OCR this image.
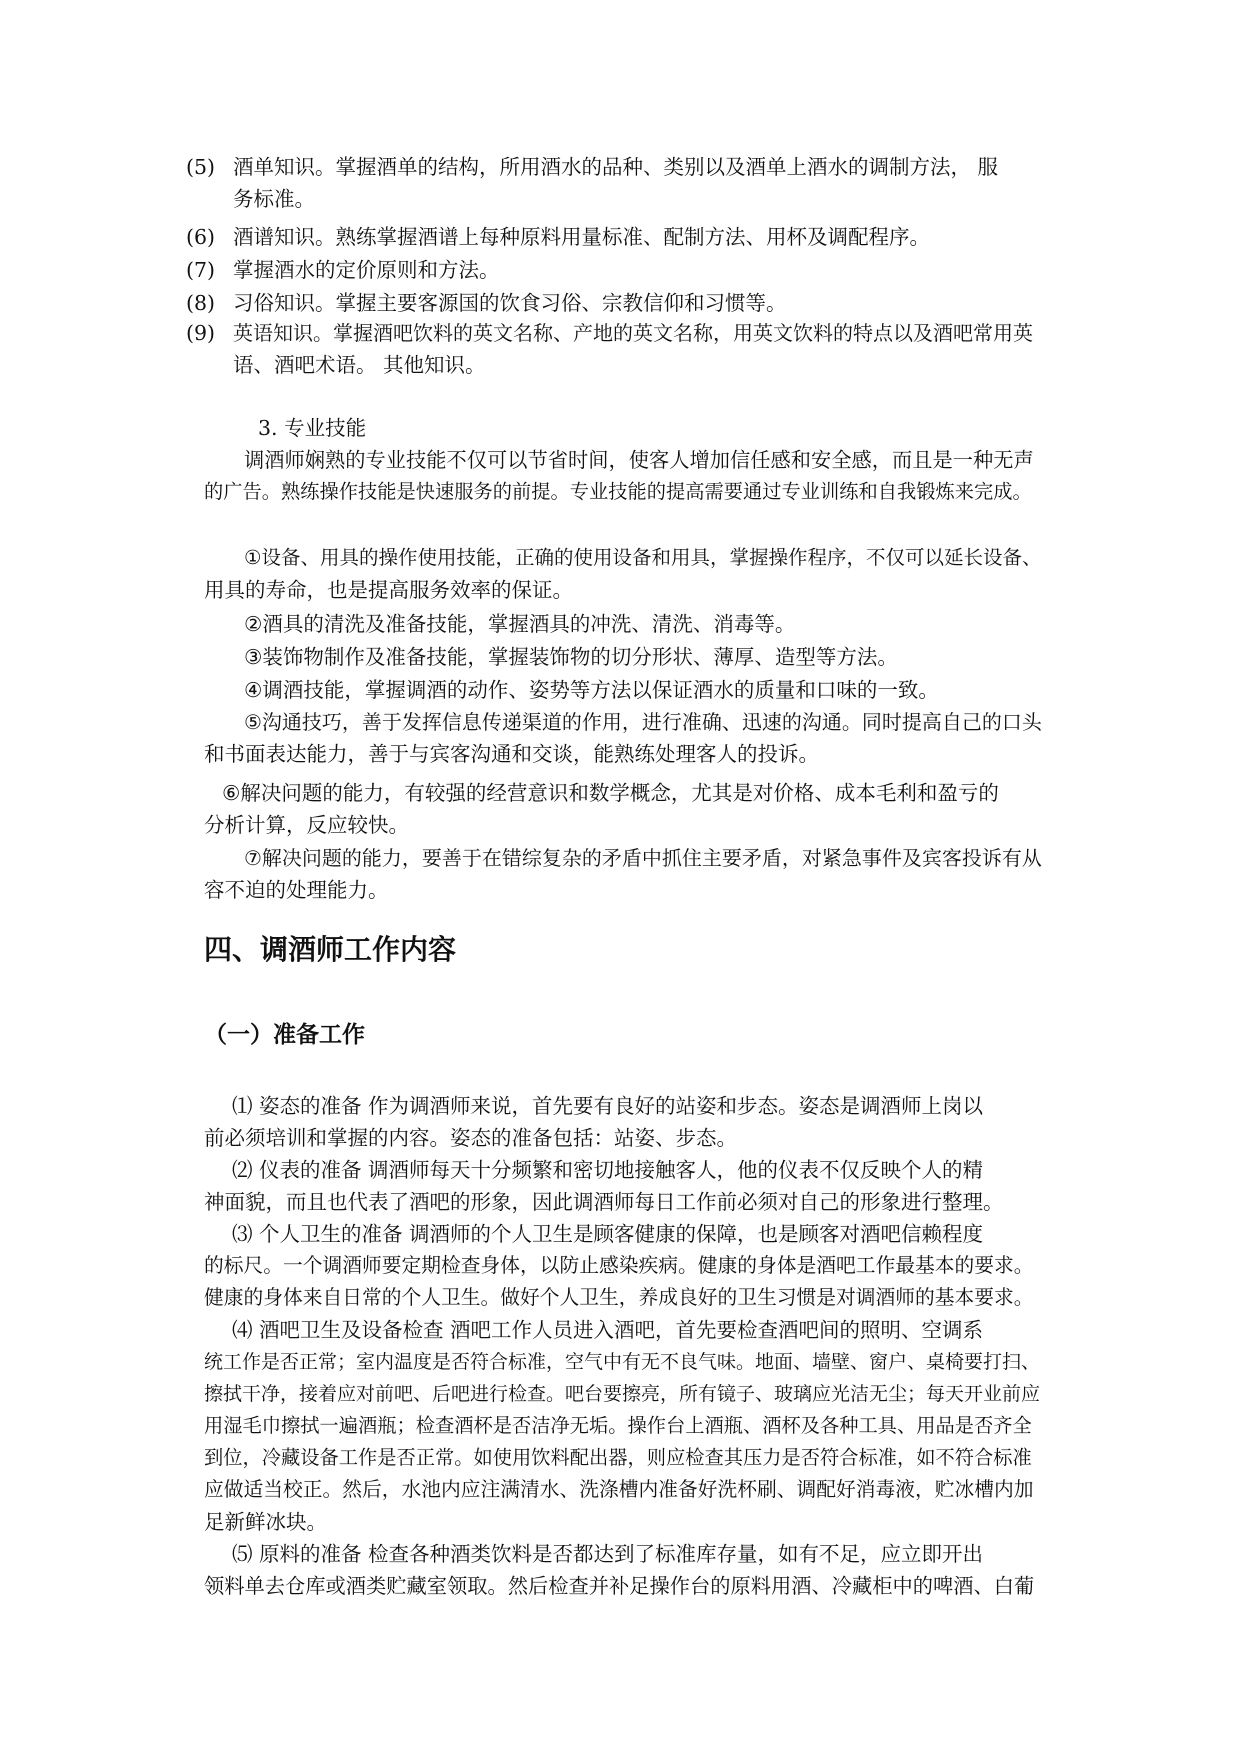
(5) 酒单知识。掌握酒单的结构，所用酒水的品种、类别以及酒单上酒水的调制方法， 服
务标准。
(6) 酒谱知识。熟练掌握酒谱上每种原料用量标准、配制方法、用杯及调配程序。
(7) 掌握酒水的定价原则和方法。
(8) 习俗知识。掌握主要客源国的饮食习俗、宗教信仰和习惯等。
(9) 英语知识。掌握酒吧饮料的英文名称、产地的英文名称，用英文饮料的特点以及酒吧常用英
语、酒吧术语。 其他知识。
3. 专业技能
调酒师娴熟的专业技能不仅可以节省时间，使客人增加信任感和安全感，而且是一种无声
的广告。熟练操作技能是快速服务的前提。专业技能的提高需要通过专业训练和自我锻炼来完成。
①设备、用具的操作使用技能，正确的使用设备和用具，掌握操作程序，不仅可以延长设备、
用具的寿命，也是提高服务效率的保证。
②酒具的清洗及准备技能，掌握酒具的冲洗、清洗、消毒等。
③装饰物制作及准备技能，掌握装饰物的切分形状、薄厚、造型等方法。
④调酒技能，掌握调酒的动作、姿势等方法以保证酒水的质量和口味的一致。
⑤沟通技巧，善于发挥信息传递渠道的作用，进行准确、迅速的沟通。同时提高自己的口头
和书面表达能力，善于与宾客沟通和交谈，能熟练处理客人的投诉。
⑥解决问题的能力，有较强的经营意识和数学概念，尤其是对价格、成本毛利和盈亏的
分析计算，反应较快。
⑦解决问题的能力，要善于在错综复杂的矛盾中抓住主要矛盾，对紧急事件及宾客投诉有从
容不迫的处理能力。
四、调酒师工作内容
（一）准备工作
⑴ 姿态的准备 作为调酒师来说，首先要有良好的站姿和步态。姿态是调酒师上岗以
前必须培训和掌握的内容。姿态的准备包括：站姿、步态。
⑵ 仪表的准备 调酒师每天十分频繁和密切地接触客人，他的仪表不仅反映个人的精
神面貌，而且也代表了酒吧的形象，因此调酒师每日工作前必须对自己的形象进行整理。
⑶ 个人卫生的准备 调酒师的个人卫生是顾客健康的保障，也是顾客对酒吧信赖程度
的标尺。一个调酒师要定期检查身体，以防止感染疾病。健康的身体是酒吧工作最基本的要求。
健康的身体来自日常的个人卫生。做好个人卫生，养成良好的卫生习惯是对调酒师的基本要求。
⑷ 酒吧卫生及设备检查 酒吧工作人员进入酒吧，首先要检查酒吧间的照明、空调系
统工作是否正常；室内温度是否符合标准，空气中有无不良气味。地面、墙壁、窗户、桌椅要打扫、
擦拭干净，接着应对前吧、后吧进行检查。吧台要擦亮，所有镜子、玻璃应光洁无尘；每天开业前应
用湿毛巾擦拭一遍酒瓶；检查酒杯是否洁净无垢。操作台上酒瓶、酒杯及各种工具、用品是否齐全
到位，冷藏设备工作是否正常。如使用饮料配出器，则应检查其压力是否符合标准，如不符合标准
应做适当校正。然后，水池内应注满清水、洗涤槽内准备好洗杯刷、调配好消毒液，贮冰槽内加
足新鲜冰块。
⑸ 原料的准备 检查各种酒类饮料是否都达到了标准库存量，如有不足，应立即开出
领料单去仓库或酒类贮藏室领取。然后检查并补足操作台的原料用酒、冷藏柜中的啤酒、白葡
